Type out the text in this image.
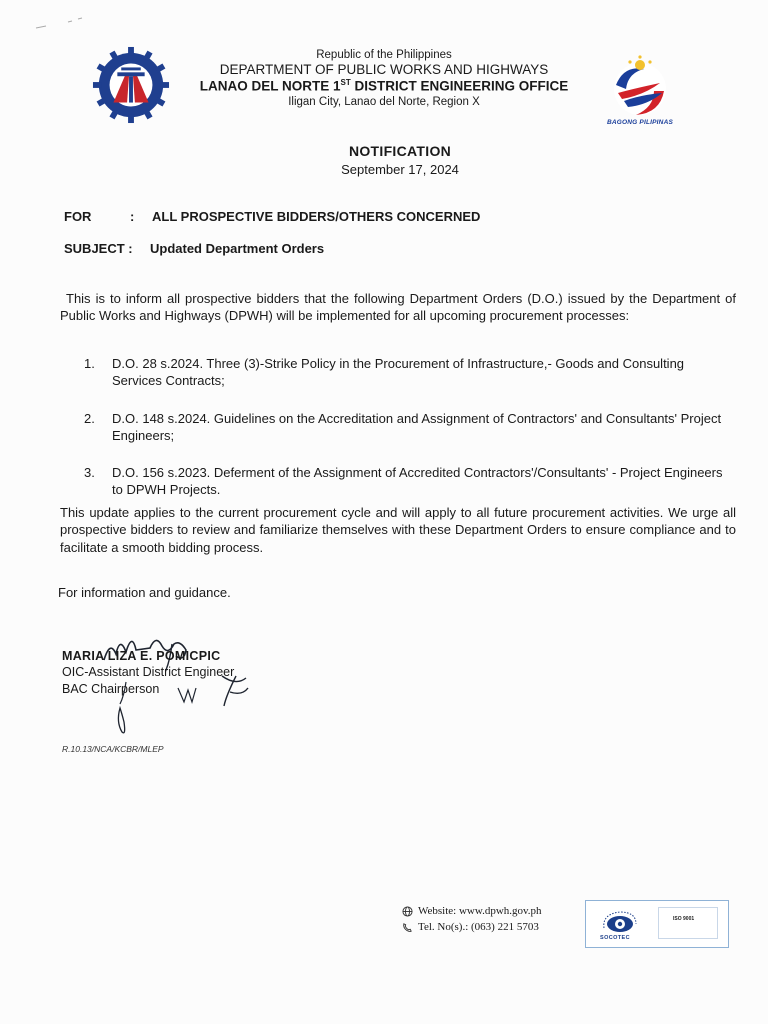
Republic of the Philippines
DEPARTMENT OF PUBLIC WORKS AND HIGHWAYS
LANAO DEL NORTE 1ST DISTRICT ENGINEERING OFFICE
Iligan City, Lanao del Norte, Region X
BAGONG PILIPINAS
NOTIFICATION
September 17, 2024
FOR	: ALL PROSPECTIVE BIDDERS/OTHERS CONCERNED
SUBJECT : Updated Department Orders
This is to inform all prospective bidders that the following Department Orders (D.O.) issued by the Department of Public Works and Highways (DPWH) will be implemented for all upcoming procurement processes:
1. D.O. 28 s.2024. Three (3)-Strike Policy in the Procurement of Infrastructure,- Goods and Consulting Services Contracts;
2. D.O. 148 s.2024. Guidelines on the Accreditation and Assignment of Contractors' and Consultants' Project Engineers;
3. D.O. 156 s.2023. Deferment of the Assignment of Accredited Contractors'/Consultants' - Project Engineers to DPWH Projects.
This update applies to the current procurement cycle and will apply to all future procurement activities. We urge all prospective bidders to review and familiarize themselves with these Department Orders to ensure compliance and to facilitate a smooth bidding process.
For information and guidance.
MARIA LIZA E. POMICPIC
OIC-Assistant District Engineer
BAC Chairperson
R.10.13/NCA/KCBR/MLEP
Website: www.dpwh.gov.ph
Tel. No(s).: (063) 221 5703
SOCOTEC
ISO 9001
